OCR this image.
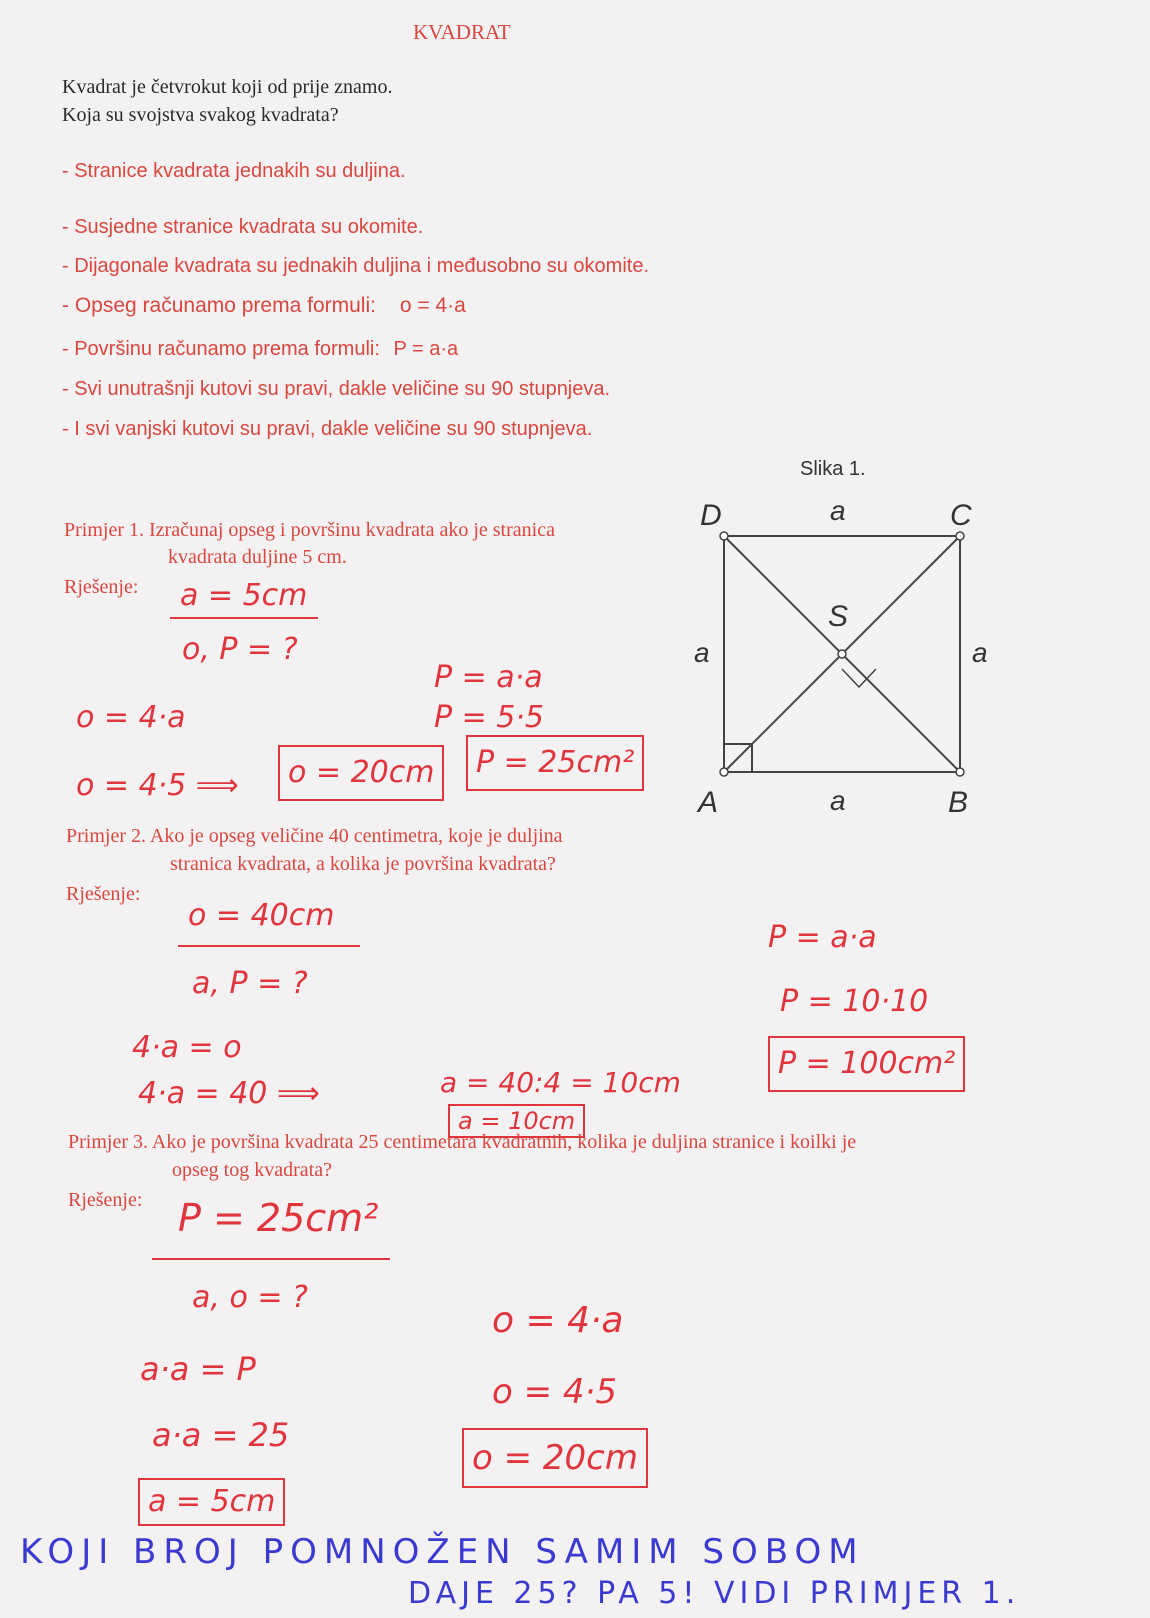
KVADRAT
Kvadrat je četvrokut koji od prije znamo.
Koja su svojstva svakog kvadrata?
- Stranice kvadrata jednakih su duljina.
- Susjedne stranice kvadrata su okomite.
- Dijagonale kvadrata su jednakih duljina i međusobno su okomite.
- Opseg računamo prema formuli: o = 4·a
- Površinu računamo prema formuli: P = a·a
- Svi unutrašnji kutovi su pravi, dakle veličine su 90 stupnjeva.
- I svi vanjski kutovi su pravi, dakle veličine su 90 stupnjeva.
Slika 1.
D	C
A	B
S
a
a
a	a
Primjer 1. Izračunaj opseg i površinu kvadrata ako je stranica
kvadrata duljine 5 cm.
Rješenje: a = 5cm
o, P = ?
o = 4·a
o = 4·5 ⟹	o = 20cm
P = a·a
P = 5·5
P = 25cm²
Primjer 2. Ako je opseg veličine 40 centimetra, koje je duljina
stranica kvadrata, a kolika je površina kvadrata?
Rješenje:
o = 40cm
a, P = ?
4·a = o
4·a = 40 ⟹	a = 40:4 = 10cm
a = 10cm
P = a·a
P = 10·10
P = 100cm²
Primjer 3. Ako je površina kvadrata 25 centimetara kvadratnih, kolika je duljina stranice i koilki je
opseg tog kvadrata?
Rješenje: P = 25cm²
a, o = ?
a·a = P
a·a = 25
a = 5cm
o = 4·a
o = 4·5
o = 20cm
KOJI BROJ POMNOŽEN SAMIM SOBOM
DAJE 25? PA 5! VIDI PRIMJER 1.
